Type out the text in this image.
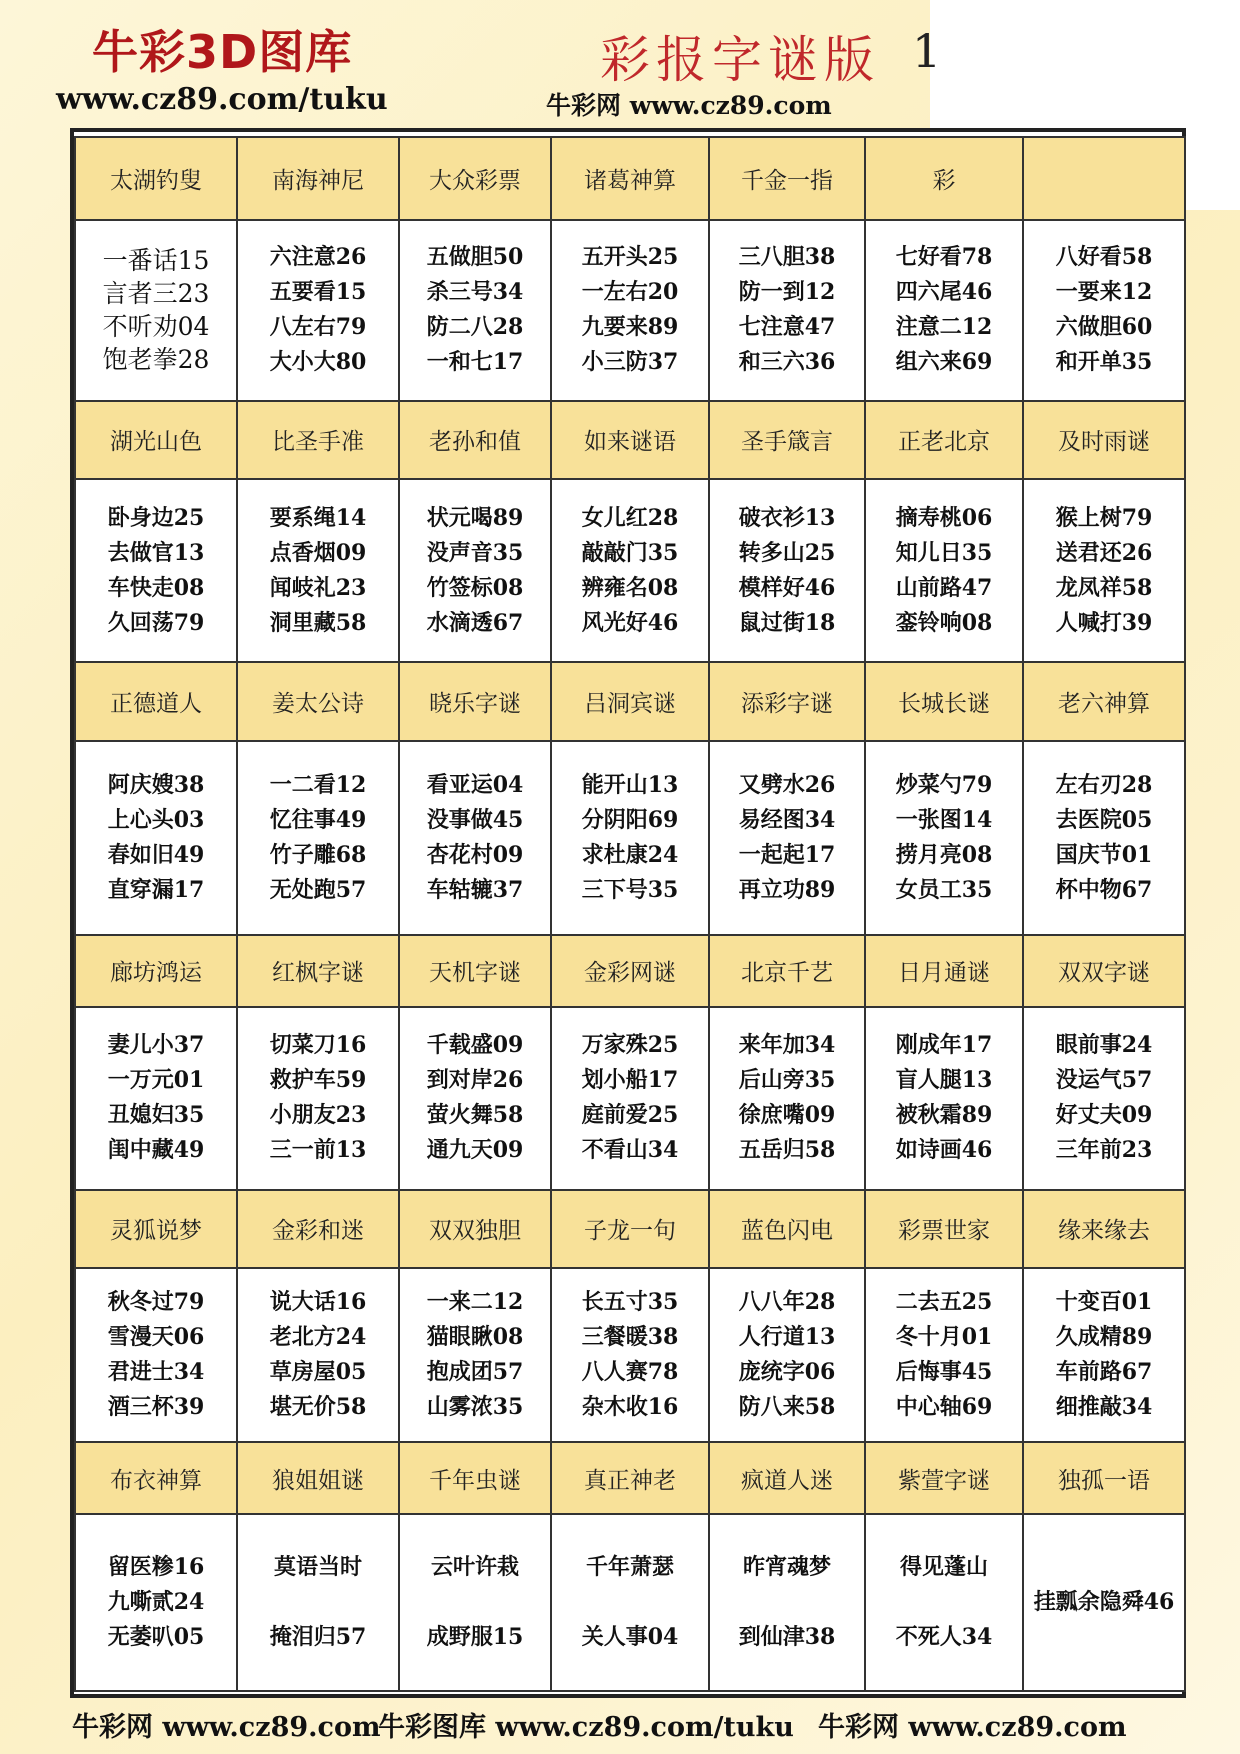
牛彩3D图库
www.cz89.com/tuku
彩报字谜版 1
牛彩网 www.cz89.com
太湖钓叟	南海神尼	大众彩票	诸葛神算	千金一指	彩	

一番话15
言者三23
不听劝04
饱老拳28	六注意26
五要看15
八左右79
大小大80	五做胆50
杀三号34
防二八28
一和七17	五开头25
一左右20
九要来89
小三防37	三八胆38
防一到12
七注意47
和三六36	七好看78
四六尾46
注意二12
组六来69	八好看58
一要来12
六做胆60
和开单35

湖光山色	比圣手准	老孙和值	如来谜语	圣手箴言	正老北京	及时雨谜

卧身边25
去做官13
车快走08
久回荡79	要系绳14
点香烟09
闻岐礼23
洞里藏58	状元喝89
没声音35
竹签标08
水滴透67	女儿红28
敲敲门35
辨雍名08
风光好46	破衣衫13
转多山25
模样好46
鼠过街18	摘寿桃06
知儿日35
山前路47
銮铃响08	猴上树79
送君还26
龙凤祥58
人喊打39

正德道人	姜太公诗	晓乐字谜	吕洞宾谜	添彩字谜	长城长谜	老六神算

阿庆嫂38
上心头03
春如旧49
直穿漏17	一二看12
忆往事49
竹子雕68
无处跑57	看亚运04
没事做45
杏花村09
车轱辘37	能开山13
分阴阳69
求杜康24
三下号35	又劈水26
易经图34
一起起17
再立功89	炒菜勺79
一张图14
捞月亮08
女员工35	左右刃28
去医院05
国庆节01
杯中物67

廊坊鸿运	红枫字谜	天机字谜	金彩网谜	北京千艺	日月通谜	双双字谜

妻儿小37
一万元01
丑媳妇35
闺中藏49	切菜刀16
救护车59
小朋友23
三一前13	千载盛09
到对岸26
萤火舞58
通九天09	万家殊25
划小船17
庭前爱25
不看山34	来年加34
后山旁35
徐庶嘴09
五岳归58	刚成年17
盲人腿13
被秋霜89
如诗画46	眼前事24
没运气57
好丈夫09
三年前23

灵狐说梦	金彩和迷	双双独胆	子龙一句	蓝色闪电	彩票世家	缘来缘去

秋冬过79
雪漫天06
君进士34
酒三杯39	说大话16
老北方24
草房屋05
堪无价58	一来二12
猫眼瞅08
抱成团57
山雾浓35	长五寸35
三餐暖38
八人赛78
杂木收16	八八年28
人行道13
庞统字06
防八来58	二去五25
冬十月01
后悔事45
中心轴69	十变百01
久成精89
车前路67
细推敲34

布衣神算	狼姐姐谜	千年虫谜	真正神老	疯道人迷	紫萱字谜	独孤一语

留医糁16
九嘶贰24
无萎叭05	莫语当时

掩泪归57	云叶许栽

成野服15	千年萧瑟

关人事04	昨宵魂梦

到仙津38	得见蓬山

不死人34	挂瓢余隐舜46
牛彩网 www.cz89.com
牛彩图库 www.cz89.com/tuku 牛彩网 www.cz89.com
